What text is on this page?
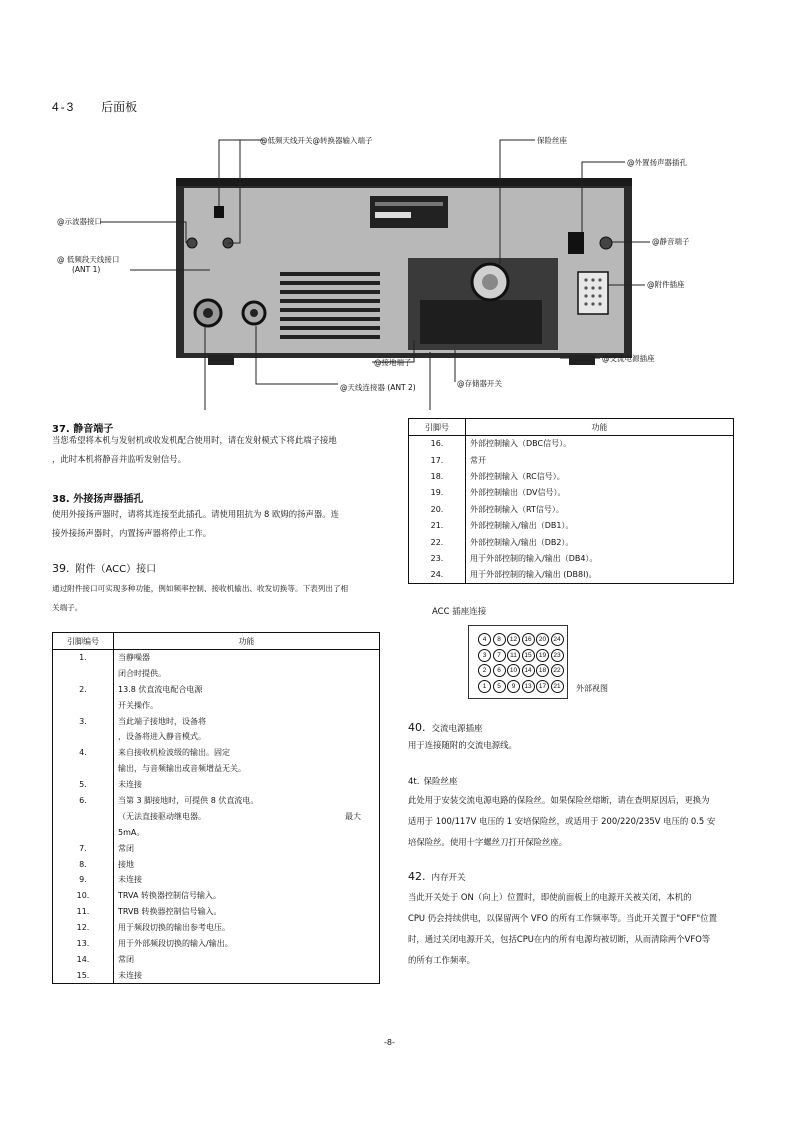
4-3 后面板
@低频天线开关@转换器输入端子	保险丝座
@外置扬声器插孔
@示波器接口
@ 低频段天线接口
(ANT 1)
@静音端子
@附件插座
@接地端子	@交流电源插座
@存储器开关
@天线连接器 (ANT 2)
37. 静音端子
当您希望将本机与发射机或收发机配合使用时，请在发射模式下将此端子接地
，此时本机将静音并监听发射信号。
38. 外接扬声器插孔
使用外接扬声器时，请将其连接至此插孔。请使用阻抗为 8 欧姆的扬声器。连
接外接扬声器时，内置扬声器将停止工作。
39. 附件（ACC）接口
通过附件接口可实现多种功能，例如频率控制、接收机输出、收发切换等。下表列出了相
关端子。
引脚编号	功能
1.	当静噪器
	闭合时提供。
2.	13.8 伏直流电配合电源
	开关操作。
3.	当此端子接地时，设备将
	，设备将进入静音模式。
4.	来自接收机检波级的输出。固定
	输出，与音频输出或音频增益无关。
5.	未连接
6.	当第 3 脚接地时，可提供 8 伏直流电。
	（无法直接驱动继电器。 最大

	5mA。
7.	常闭
8.	接地
9.	未连接
10.	TRVA 转换器控制信号输入。
11.	TRVB 转换器控制信号输入。
12.	用于频段切换的输出参考电压。
13.	用于外部频段切换的输入/输出。
14.	常闭
15.	未连接
引脚号	功能
16.	外部控制输入（DBC信号）。
17.	常开
18.	外部控制输入（RC信号）。
19.	外部控制输出（DV信号）。
20.	外部控制输入（RT信号）。
21.	外部控制输入/输出（DB1）。
22.	外部控制输入/输出（DB2）。
23.	用于外部控制的输入/输出（DB4）。
24.	用于外部控制的输入/输出 (DB8I)。
ACC 插座连接
4	8	12	16	20	24
3	7	11	15	19	23
2	6	10	14	18	22
1	5	9	13	17	21	外部视图
40. 交流电源插座
用于连接随附的交流电源线。
4t. 保险丝座
此处用于安装交流电源电路的保险丝。如果保险丝熔断，请在查明原因后，更换为
适用于 100/117V 电压的 1 安培保险丝，或适用于 200/220/235V 电压的 0.5 安
培保险丝。使用十字螺丝刀打开保险丝座。
42. 内存开关
当此开关处于 ON（向上）位置时，即使前面板上的电源开关被关闭，本机的
CPU 仍会持续供电，以保留两个 VFO 的所有工作频率等。当此开关置于"OFF"位置
时，通过关闭电源开关，包括CPU在内的所有电源均被切断，从而清除两个VFO等
的所有工作频率。
-8-
